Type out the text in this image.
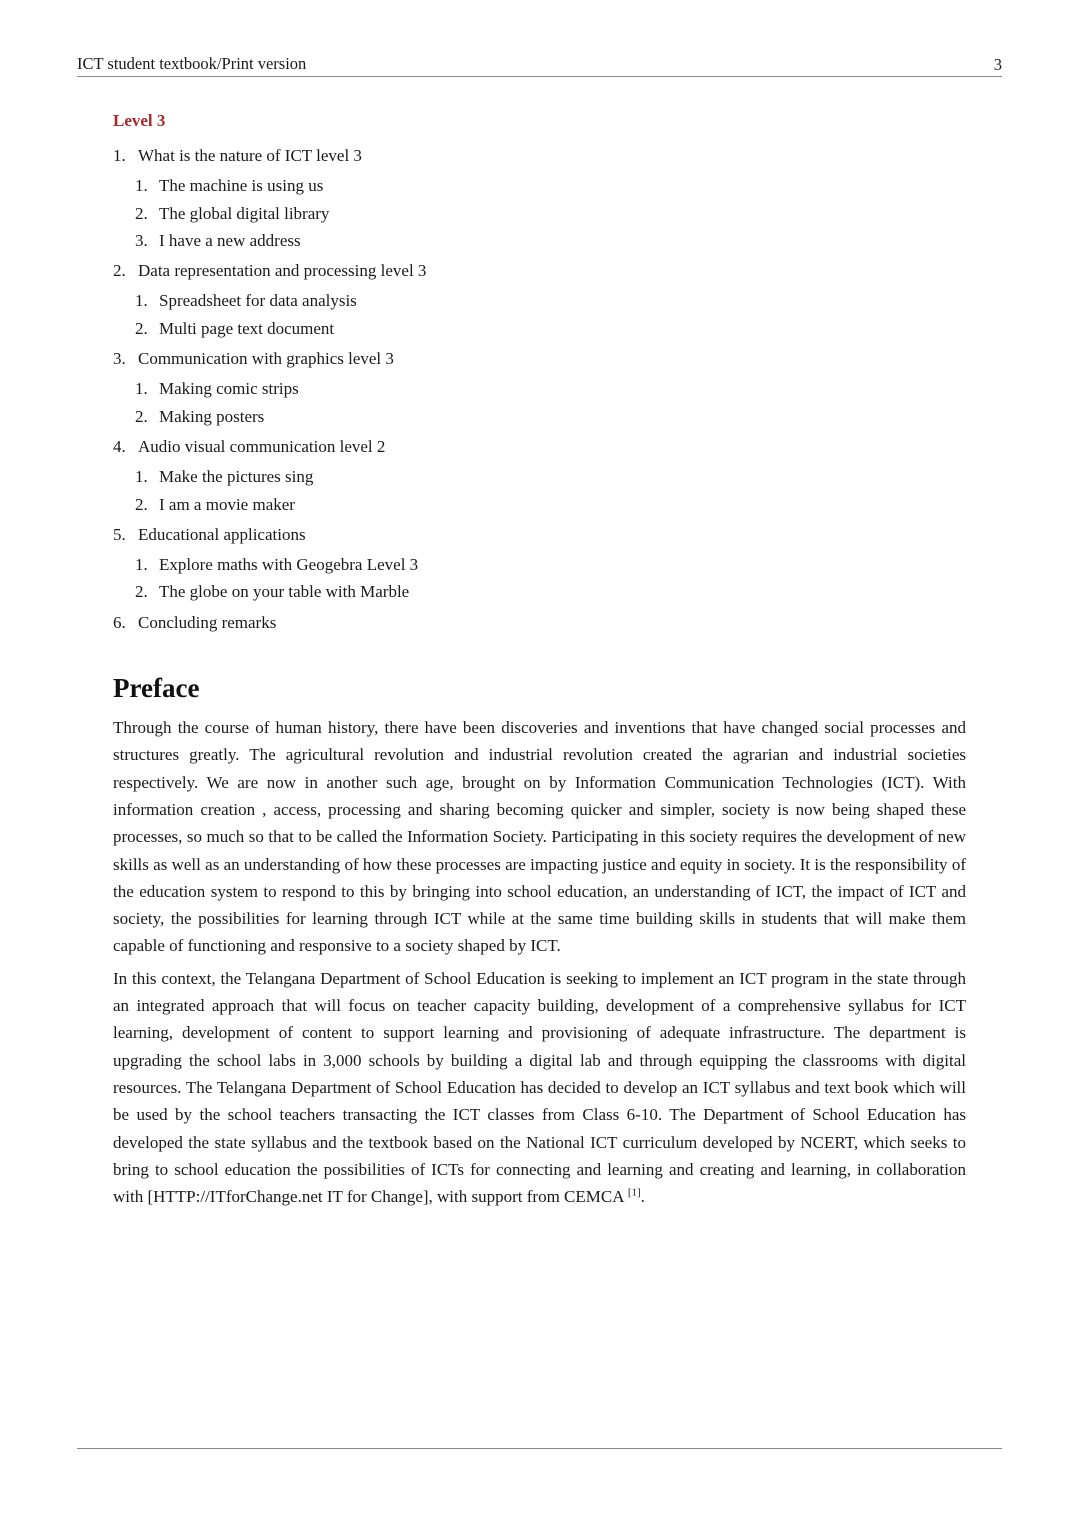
ICT student textbook/Print version	3
Level 3
1. What is the nature of ICT level 3
1. The machine is using us
2. The global digital library
3. I have a new address
2. Data representation and processing level 3
1. Spreadsheet for data analysis
2. Multi page text document
3. Communication with graphics level 3
1. Making comic strips
2. Making posters
4. Audio visual communication level 2
1. Make the pictures sing
2. I am a movie maker
5. Educational applications
1. Explore maths with Geogebra Level 3
2. The globe on your table with Marble
6. Concluding remarks
Preface

Through the course of human history, there have been discoveries and inventions that have changed social processes and structures greatly. The agricultural revolution and industrial revolution created the agrarian and industrial societies respectively. We are now in another such age, brought on by Information Communication Technologies (ICT). With information creation , access, processing and sharing becoming quicker and simpler, society is now being shaped these processes, so much so that to be called the Information Society. Participating in this society requires the development of new skills as well as an understanding of how these processes are impacting justice and equity in society. It is the responsibility of the education system to respond to this by bringing into school education, an understanding of ICT, the impact of ICT and society, the possibilities for learning through ICT while at the same time building skills in students that will make them capable of functioning and responsive to a society shaped by ICT.

In this context, the Telangana Department of School Education is seeking to implement an ICT program in the state through an integrated approach that will focus on teacher capacity building, development of a comprehensive syllabus for ICT learning, development of content to support learning and provisioning of adequate infrastructure. The department is upgrading the school labs in 3,000 schools by building a digital lab and through equipping the classrooms with digital resources. The Telangana Department of School Education has decided to develop an ICT syllabus and text book which will be used by the school teachers transacting the ICT classes from Class 6-10. The Department of School Education has developed the state syllabus and the textbook based on the National ICT curriculum developed by NCERT, which seeks to bring to school education the possibilities of ICTs for connecting and learning and creating and learning, in collaboration with [HTTP://ITforChange.net IT for Change], with support from CEMCA [1].
